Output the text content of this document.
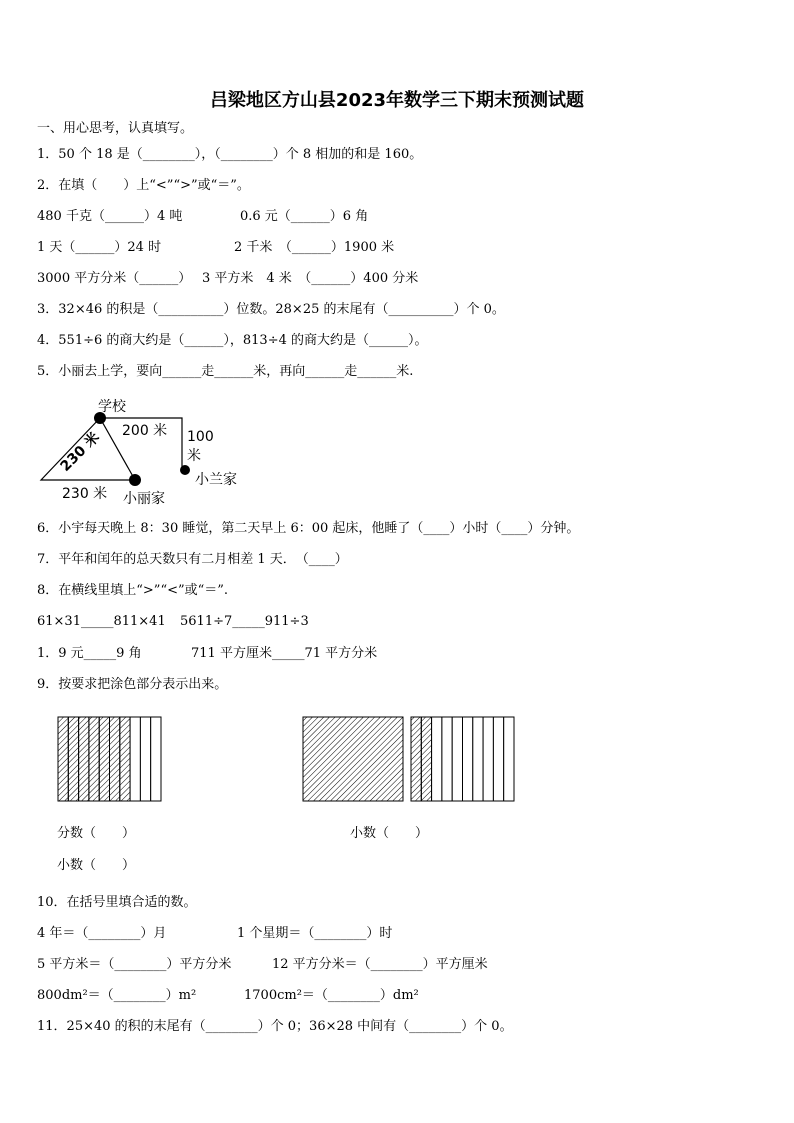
吕梁地区方山县2023年数学三下期末预测试题
一、用心思考，认真填写。
1．50 个 18 是（________），（________）个 8 相加的和是 160。
2．在填（　　）上“<”“>”或“＝”。
480 千克（______）4 吨	0.6 元（______）6 角
1 天（______）24 时	2 千米　（______）1900 米
3000 平方分米（______） 3 平方米　4 米　（______）400 分米
3．32×46 的积是（__________）位数。28×25 的末尾有（__________）个 0。
4．551÷6 的商大约是（______），813÷4 的商大约是（______）。
5．小丽去上学，要向______走______米，再向______走______米.
学校
200 米 100
米
小兰家
230 米
230 米 小丽家
6．小宇每天晚上 8：30 睡觉，第二天早上 6：00 起床，他睡了（____）小时（____）分钟。
7．平年和闰年的总天数只有二月相差 1 天．　（____）
8．在横线里填上“>”“<”或“＝”.
61×31_____811×41 5611÷7_____911÷3
1．9 元_____9 角	711 平方厘米_____71 平方分米
9．按要求把涂色部分表示出来。
分数（　　）	小数（　　）
小数（　　）
10．在括号里填合适的数。
4 年＝（________）月	1 个星期＝（________）时
5 平方米＝（________）平方分米	12 平方分米＝（________）平方厘米
800dm²＝（________）m²	1700cm²＝（________）dm²
11．25×40 的积的末尾有（________）个 0；36×28 中间有（________）个 0。
